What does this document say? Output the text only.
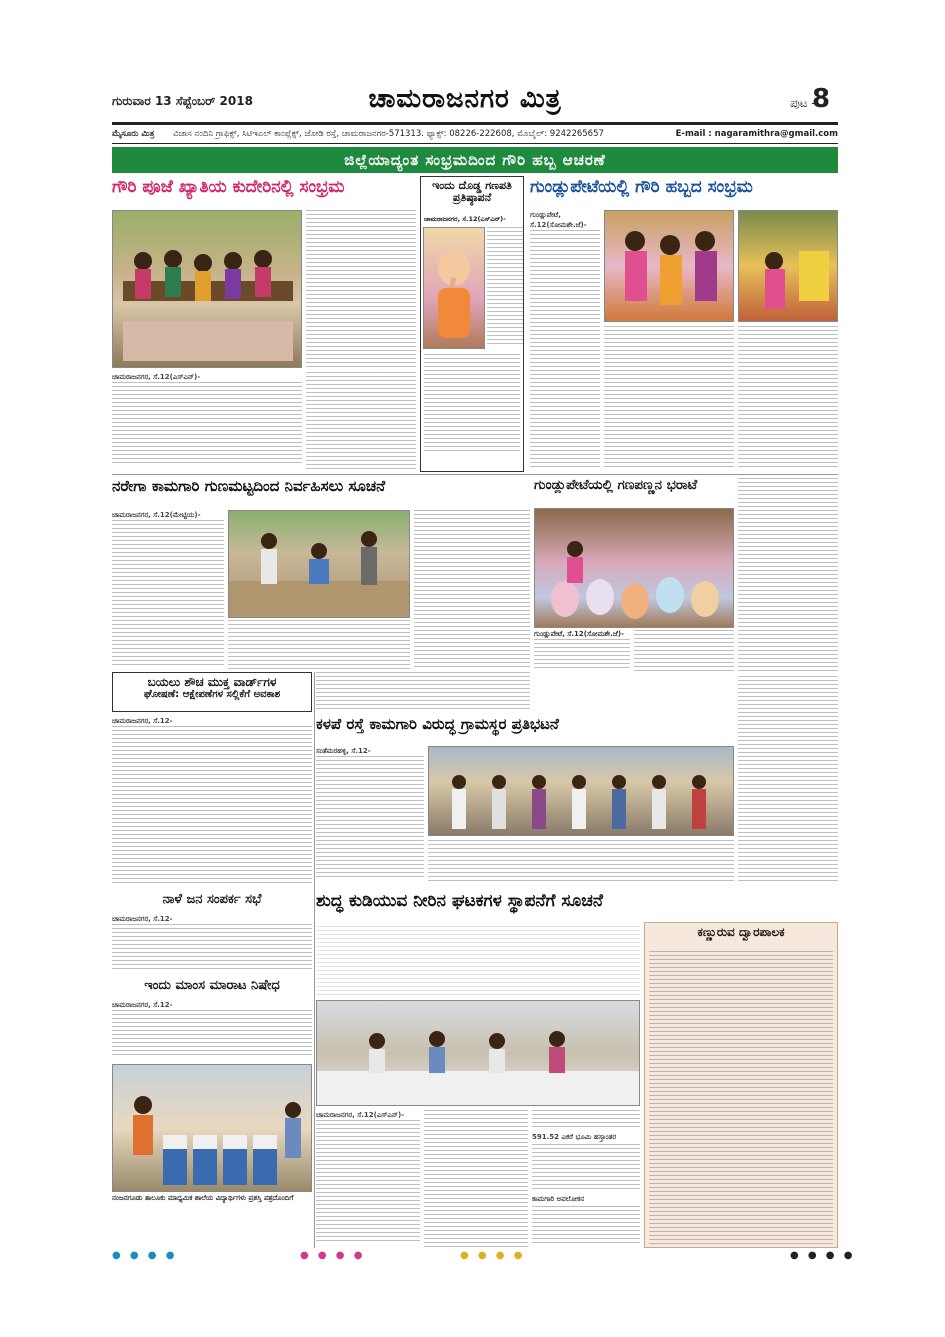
ಗುರುವಾರ 13 ಸೆಪ್ಟೆಂಬರ್ 2018	ಚಾಮರಾಜನಗರ ಮಿತ್ರ	ಪುಟ -
8
ಮೈಸೂರು ಮಿತ್ರ ವಿಜಾಸ ನಂದಿನಿ ಗ್ರಾಫಿಕ್ಸ್, ಸಿಟಿಇಎಲ್ ಕಾಂಪ್ಲೆಕ್ಸ್, ಜೋಡಿ ರಸ್ತೆ, ಚಾಮರಾಜನಗರ-571313. ಫ್ಯಾಕ್ಸ್: 08226-222608, ಮೊಬೈಲ್: 9242265657	E-mail : nagaramithra@gmail.com
ಜಿಲ್ಲೆಯಾದ್ಯಂತ ಸಂಭ್ರಮದಿಂದ ಗೌರಿ ಹಬ್ಬ ಆಚರಣೆ
ಗೌರಿ ಪೂಜೆ ಖ್ಯಾತಿಯ ಕುದೇರಿನಲ್ಲಿ ಸಂಭ್ರಮ
ಚಾಮರಾಜನಗರ, ಸೆ.12(ಎಸ್‌ಎನ್‌)-
ಇಂದು ದೊಡ್ಡ ಗಣಪತಿ ಪ್ರತಿಷ್ಠಾಪನೆ
ಚಾಮರಾಜನಗರ, ಸೆ.12(ಎಸ್‌ಎನ್‌)-
ಗುಂಡ್ಲುಪೇಟೆಯಲ್ಲಿ ಗೌರಿ ಹಬ್ಬದ ಸಂಭ್ರಮ
ಗುಂಡ್ಲುಪೇಟೆ, ಸೆ.12(ಸೋಮಶೇ.ಜೆ)-
ನರೇಗಾ ಕಾಮಗಾರಿ ಗುಣಮಟ್ಟದಿಂದ ನಿರ್ವಹಿಸಲು ಸೂಚನೆ
ಚಾಮರಾಜನಗರ, ಸೆ.12(ಮೇಟ್ಟಿಯ)-
ಗುಂಡ್ಲುಪೇಟೆಯಲ್ಲಿ ಗಣಪಣ್ಣನ ಭರಾಟೆ
ಗುಂಡ್ಲುಪೇಟೆ, ಸೆ.12(ಸೋಮಶೇ.ಜೆ)-
ಬಯಲು ಶೌಚ ಮುಕ್ತ ವಾರ್ಡ್‌ಗಳ
ಘೋಷಣೆ: ಆಕ್ಷೇಪಣೆಗಳ ಸಲ್ಲಿಕೆಗೆ ಅವಕಾಶ
ಚಾಮರಾಜನಗರ, ಸೆ.12-	ಕಳಪೆ ರಸ್ತೆ ಕಾಮಗಾರಿ ವಿರುದ್ಧ ಗ್ರಾಮಸ್ಥರ ಪ್ರತಿಭಟನೆ
ಸಂತೆಮರಹಳ್ಳಿ, ಸೆ.12-
ನಾಳೆ ಜನ ಸಂಪರ್ಕ ಸಭೆ
ಚಾಮರಾಜನಗರ, ಸೆ.12-
ಇಂದು ಮಾಂಸ ಮಾರಾಟ ನಿಷೇಧ
ಚಾಮರಾಜನಗರ, ಸೆ.12-
ನಂಜನಗೂಡು ತಾಲೂಕು ಮಾಧ್ಯಮಿಕ ಶಾಲೆಯ ವಿದ್ಯಾರ್ಥಿಗಳು ಪ್ರಶಸ್ತಿ ಪತ್ರದೊಂದಿಗೆ
ಶುದ್ಧ ಕುಡಿಯುವ ನೀರಿನ ಘಟಕಗಳ ಸ್ಥಾಪನೆಗೆ ಸೂಚನೆ
ಚಾಮರಾಜನಗರ, ಸೆ.12(ಎಸ್‌ಎನ್‌)-
591.52 ಎಕರೆ ಭೂಮಿ ಹಸ್ತಾಂತರ
ಕಾಮಗಾರಿ ಅವಲೋಕನ
ಕಣ್ಣುರುವ ದ್ವಾರಪಾಲಕ
● ● ● ●	● ● ● ●	● ● ● ●	● ● ● ●
